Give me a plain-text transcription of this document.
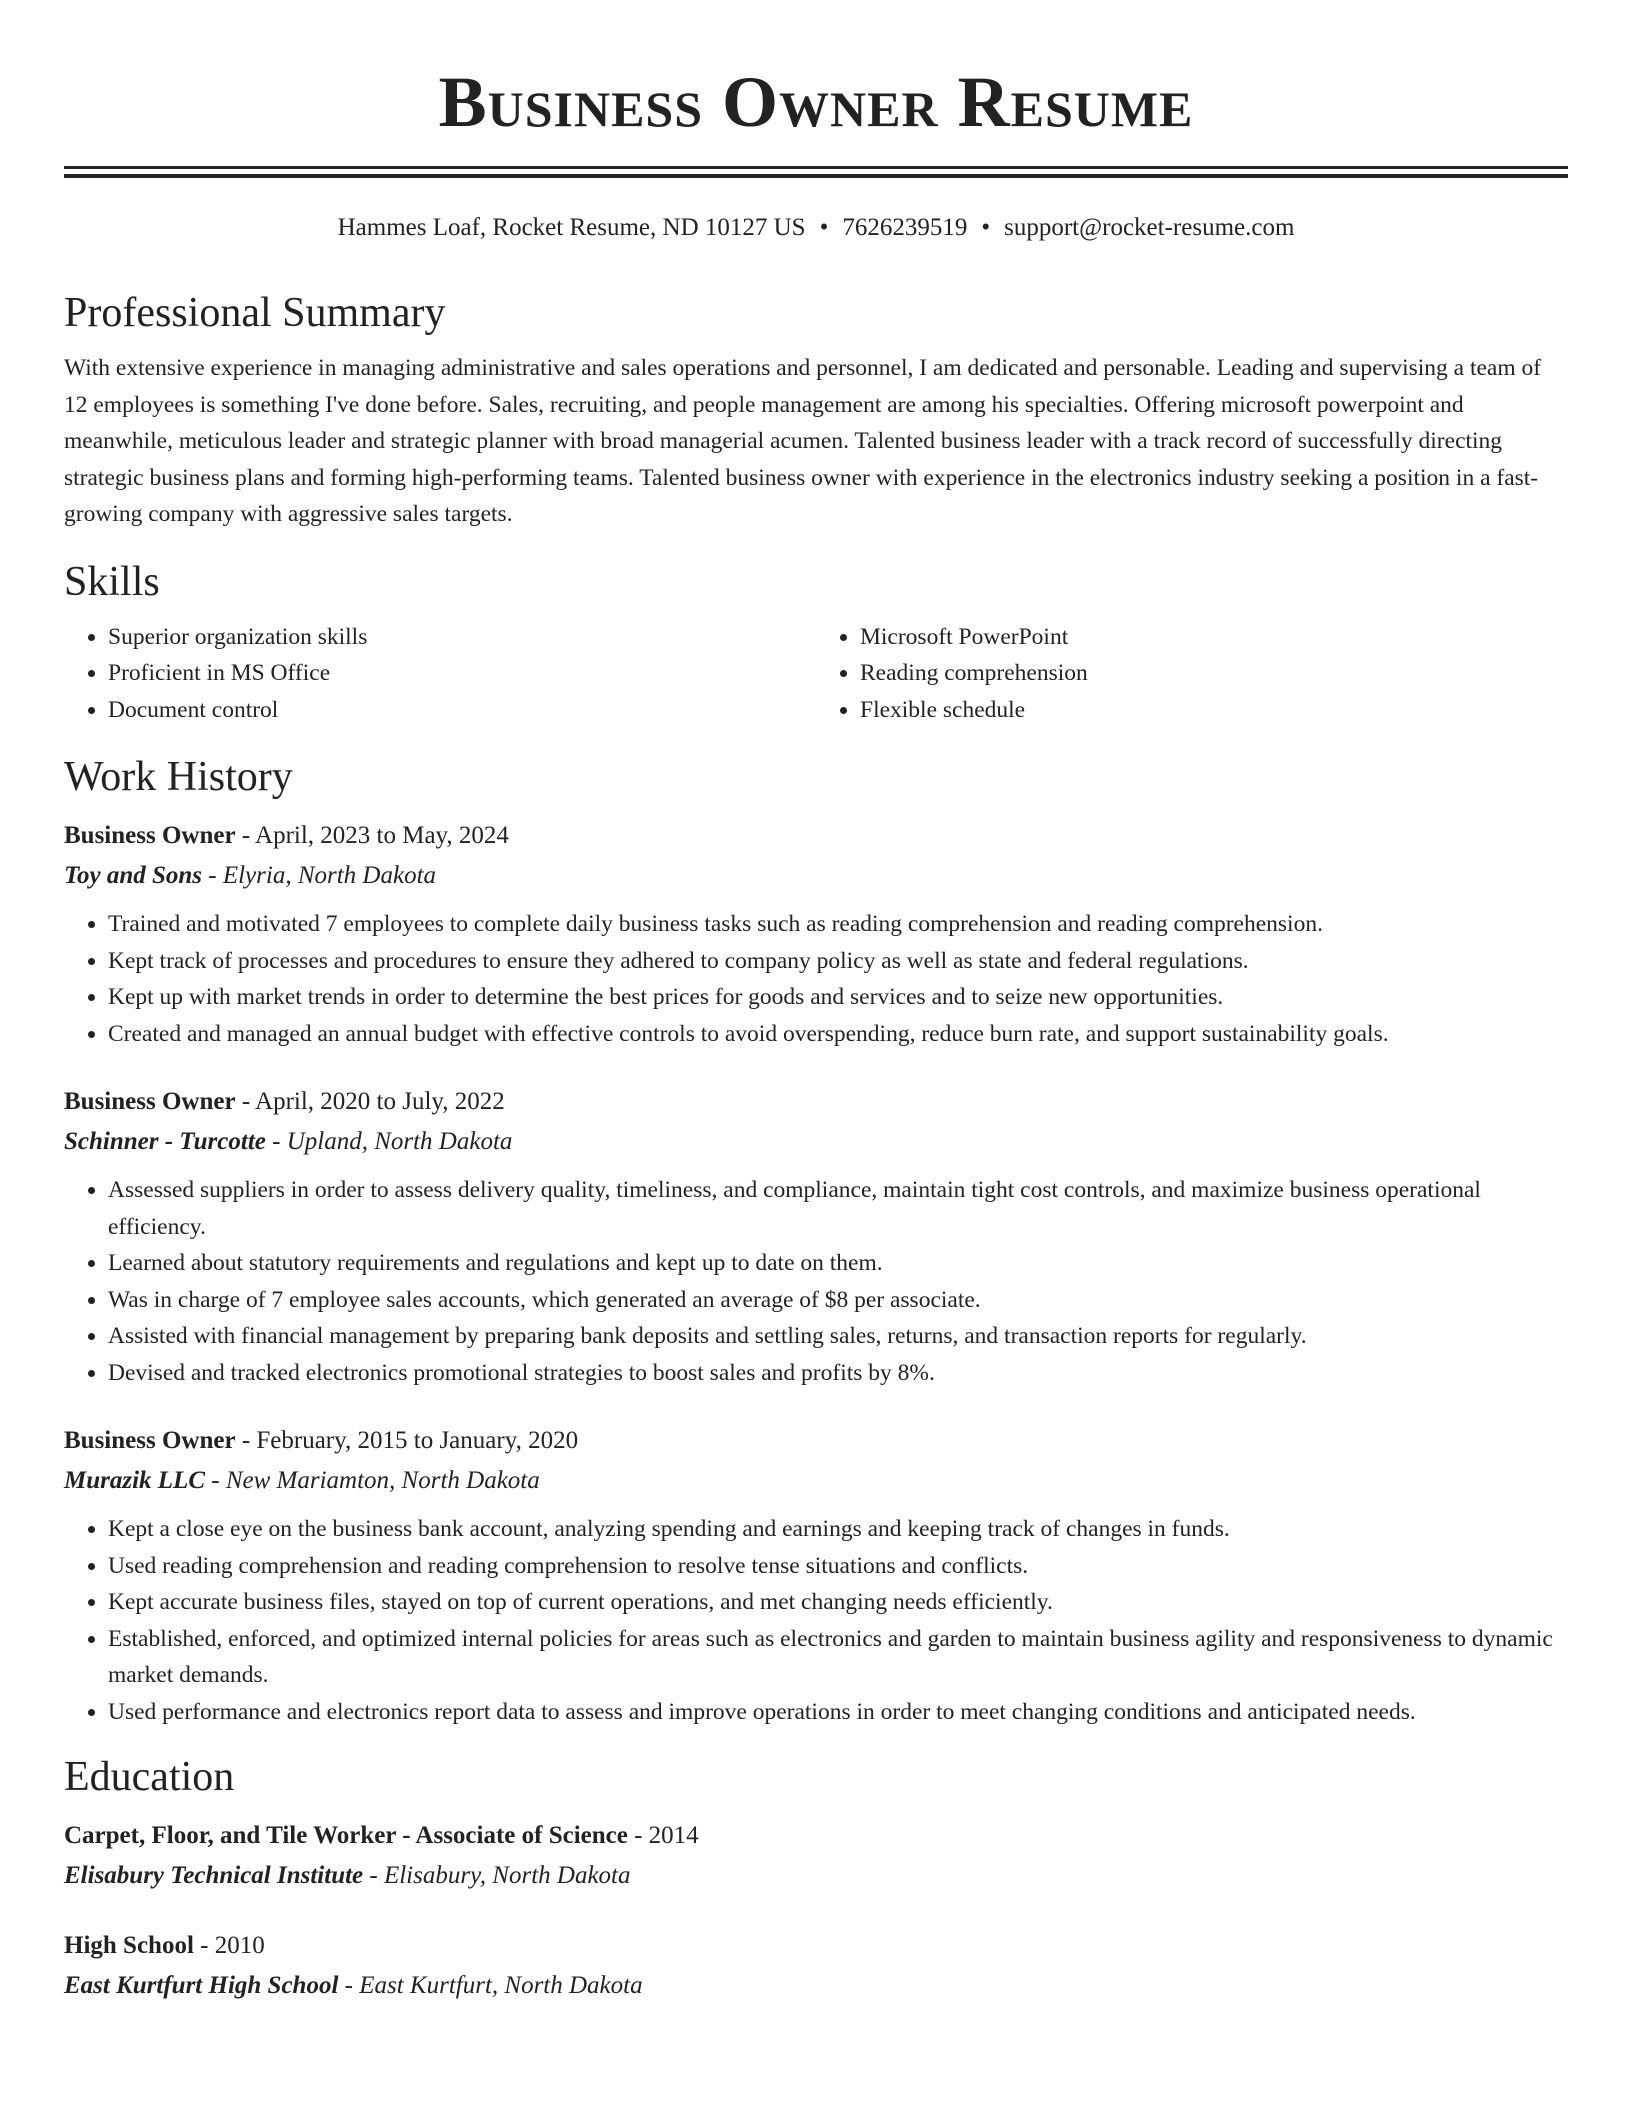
Business Owner Resume
Hammes Loaf, Rocket Resume, ND 10127 US • 7626239519 • support@rocket-resume.com
Professional Summary

With extensive experience in managing administrative and sales operations and personnel, I am dedicated and personable. Leading and supervising a team of 12 employees is something I've done before. Sales, recruiting, and people management are among his specialties. Offering microsoft powerpoint and meanwhile, meticulous leader and strategic planner with broad managerial acumen. Talented business leader with a track record of successfully directing strategic business plans and forming high-performing teams. Talented business owner with experience in the electronics industry seeking a position in a fast-growing company with aggressive sales targets.

Skills
• Superior organization skills
• Proficient in MS Office
• Document control
• Microsoft PowerPoint
• Reading comprehension
• Flexible schedule
Work History
Business Owner - April, 2023 to May, 2024
Toy and Sons - Elyria, North Dakota
• Trained and motivated 7 employees to complete daily business tasks such as reading comprehension and reading comprehension.
• Kept track of processes and procedures to ensure they adhered to company policy as well as state and federal regulations.
• Kept up with market trends in order to determine the best prices for goods and services and to seize new opportunities.
• Created and managed an annual budget with effective controls to avoid overspending, reduce burn rate, and support sustainability goals.
Business Owner - April, 2020 to July, 2022
Schinner - Turcotte - Upland, North Dakota
• Assessed suppliers in order to assess delivery quality, timeliness, and compliance, maintain tight cost controls, and maximize business operational efficiency.
• Learned about statutory requirements and regulations and kept up to date on them.
• Was in charge of 7 employee sales accounts, which generated an average of $8 per associate.
• Assisted with financial management by preparing bank deposits and settling sales, returns, and transaction reports for regularly.
• Devised and tracked electronics promotional strategies to boost sales and profits by 8%.
Business Owner - February, 2015 to January, 2020
Murazik LLC - New Mariamton, North Dakota
• Kept a close eye on the business bank account, analyzing spending and earnings and keeping track of changes in funds.
• Used reading comprehension and reading comprehension to resolve tense situations and conflicts.
• Kept accurate business files, stayed on top of current operations, and met changing needs efficiently.
• Established, enforced, and optimized internal policies for areas such as electronics and garden to maintain business agility and responsiveness to dynamic market demands.
• Used performance and electronics report data to assess and improve operations in order to meet changing conditions and anticipated needs.
Education
Carpet, Floor, and Tile Worker - Associate of Science - 2014
Elisabury Technical Institute - Elisabury, North Dakota
High School - 2010
East Kurtfurt High School - East Kurtfurt, North Dakota
